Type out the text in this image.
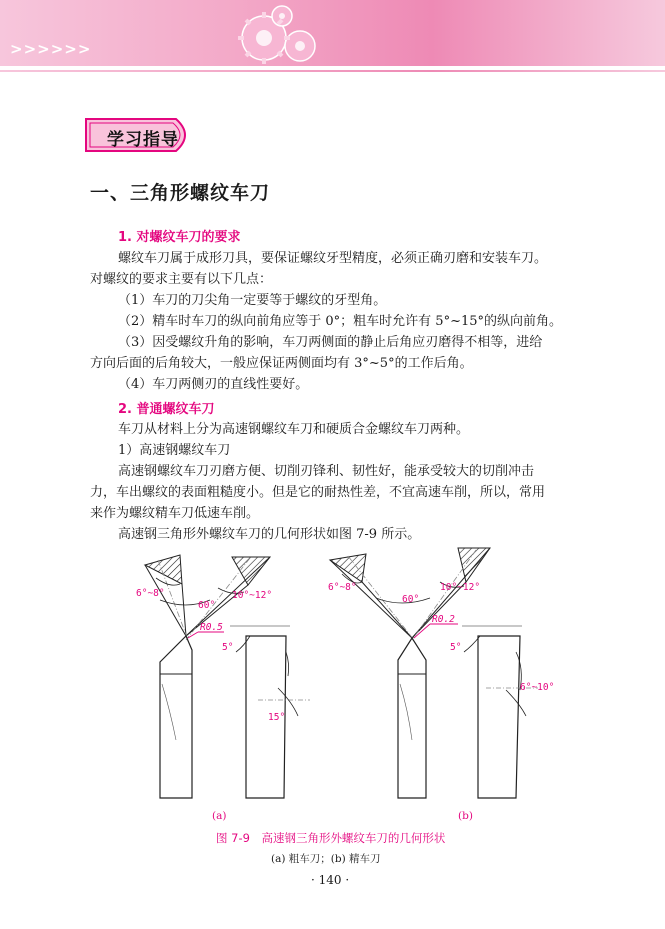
>>>>>>
学习指导
一、三角形螺纹车刀
1. 对螺纹车刀的要求
螺纹车刀属于成形刀具，要保证螺纹牙型精度，必须正确刃磨和安装车刀。
对螺纹的要求主要有以下几点：
（1）车刀的刀尖角一定要等于螺纹的牙型角。
（2）精车时车刀的纵向前角应等于 0°；粗车时允许有 5°~15°的纵向前角。
（3）因受螺纹升角的影响，车刀两侧面的静止后角应刃磨得不相等，进给
方向后面的后角较大，一般应保证两侧面均有 3°~5°的工作后角。
（4）车刀两侧刃的直线性要好。
2. 普通螺纹车刀
车刀从材料上分为高速钢螺纹车刀和硬质合金螺纹车刀两种。
1）高速钢螺纹车刀
高速钢螺纹车刀刃磨方便、切削刃锋利、韧性好，能承受较大的切削冲击
力，车出螺纹的表面粗糙度小。但是它的耐热性差，不宜高速车削，所以，常用
来作为螺纹精车刀低速车削。
高速钢三角形外螺纹车刀的几何形状如图 7-9 所示。
6°~8°
60°
10°~12°
R0.5
5°
15°
(a)
6°~8°
60°
10°~12°
R0.2
5°
6°~10°
(b)
图 7-9　高速钢三角形外螺纹车刀的几何形状
(a) 粗车刀；(b) 精车刀
· 140 ·
